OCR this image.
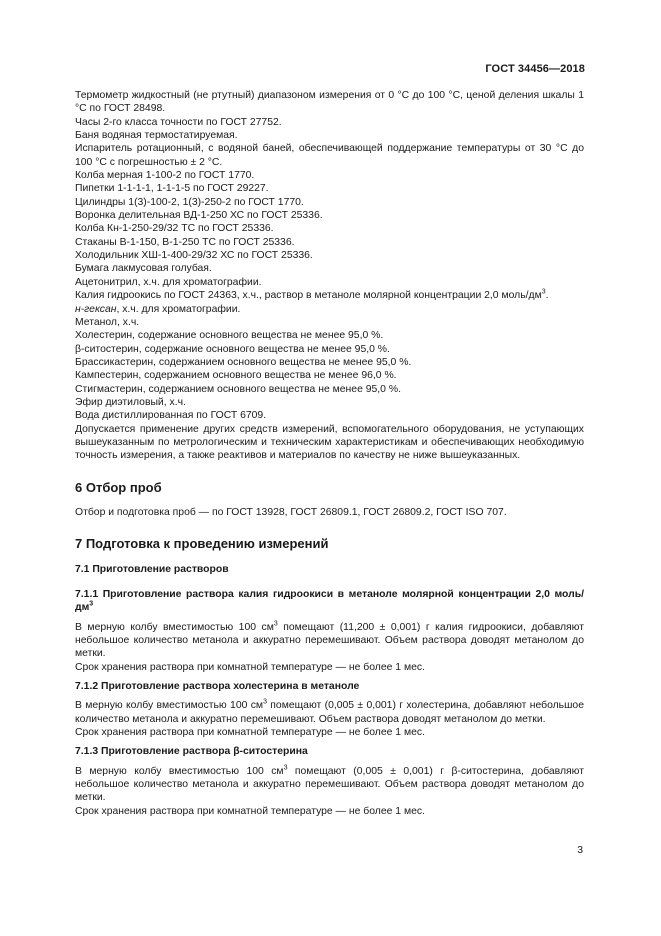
ГОСТ 34456—2018

Термометр жидкостный (не ртутный) диапазоном измерения от 0 °С до 100 °С, ценой деления шкалы 1 °С по ГОСТ 28498.

Часы 2-го класса точности по ГОСТ 27752.

Баня водяная термостатируемая.

Испаритель ротационный, с водяной баней, обеспечивающей поддержание температуры от 30 °С до 100 °С с погрешностью ± 2 °С.

Колба мерная 1-100-2 по ГОСТ 1770.

Пипетки 1-1-1-1, 1-1-1-5 по ГОСТ 29227.

Цилиндры 1(3)-100-2, 1(3)-250-2 по ГОСТ 1770.

Воронка делительная ВД-1-250 ХС по ГОСТ 25336.

Колба Кн-1-250-29/32 ТС по ГОСТ 25336.

Стаканы В-1-150, В-1-250 ТС по ГОСТ 25336.

Холодильник ХШ-1-400-29/32 ХС по ГОСТ 25336.

Бумага лакмусовая голубая.

Ацетонитрил, х.ч. для хроматографии.

Калия гидроокись по ГОСТ 24363, х.ч., раствор в метаноле молярной концентрации 2,0 моль/$дм^3$.

н-гексан, х.ч. для хроматографии.

Метанол, х.ч.

Холестерин, содержание основного вещества не менее 95,0 %.

β-ситостерин, содержание основного вещества не менее 95,0 %.

Брассикастерин, содержанием основного вещества не менее 95,0 %.

Кампестерин, содержанием основного вещества не менее 96,0 %.

Стигмастерин, содержанием основного вещества не менее 95,0 %.

Эфир диэтиловый, х.ч.

Вода дистиллированная по ГОСТ 6709.

Допускается применение других средств измерений, вспомогательного оборудования, не уступающих вышеуказанным по метрологическим и техническим характеристикам и обеспечивающих необходимую точность измерения, а также реактивов и материалов по качеству не ниже вышеуказанных.

6 Отбор проб

Отбор и подготовка проб — по ГОСТ 13928, ГОСТ 26809.1, ГОСТ 26809.2, ГОСТ ISO 707.

7 Подготовка к проведению измерений

7.1 Приготовление растворов

7.1.1 Приготовление раствора калия гидроокиси в метаноле молярной концентрации 2,0 моль/$дм^3$

В мерную колбу вместимостью 100 $см^3$ помещают (11,200 ± 0,001) г калия гидроокиси, добавляют небольшое количество метанола и аккуратно перемешивают. Объем раствора доводят метанолом до метки.

Срок хранения раствора при комнатной температуре — не более 1 мес.

7.1.2 Приготовление раствора холестерина в метаноле

В мерную колбу вместимостью 100 $см^3$ помещают (0,005 ± 0,001) г холестерина, добавляют небольшое количество метанола и аккуратно перемешивают. Объем раствора доводят метанолом до метки.

Срок хранения раствора при комнатной температуре — не более 1 мес.

7.1.3 Приготовление раствора β-ситостерина

В мерную колбу вместимостью 100 $см^3$ помещают (0,005 ± 0,001) г β-ситостерина, добавляют небольшое количество метанола и аккуратно перемешивают. Объем раствора доводят метанолом до метки.

Срок хранения раствора при комнатной температуре — не более 1 мес.

3
